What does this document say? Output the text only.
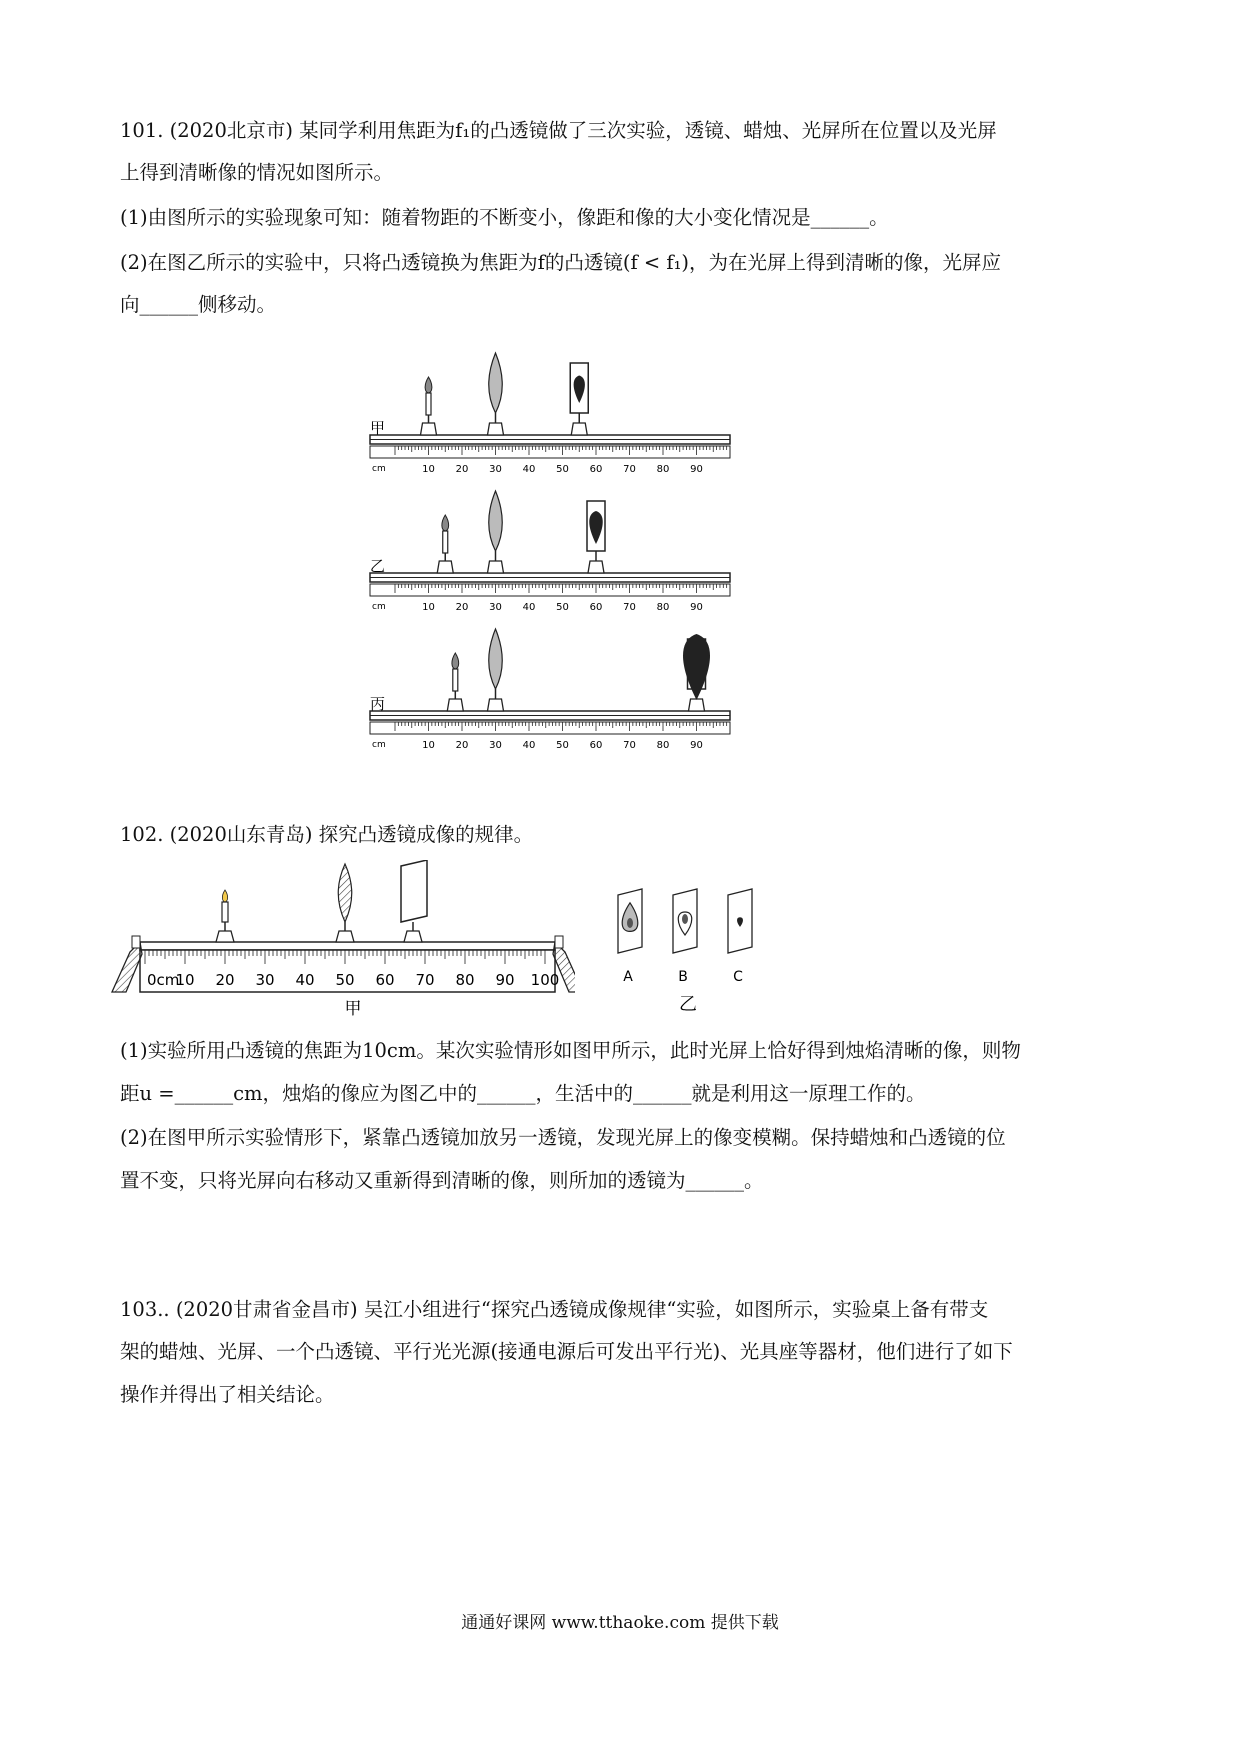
101. (2020北京市) 某同学利用焦距为f₁的凸透镜做了三次实验，透镜、蜡烛、光屏所在位置以及光屏

上得到清晰像的情况如图所示。

(1)由图所示的实验现象可知：随着物距的不断变小，像距和像的大小变化情况是______。

(2)在图乙所示的实验中，只将凸透镜换为焦距为f的凸透镜(f < f₁)，为在光屏上得到清晰的像，光屏应

向______侧移动。

cm	10 20 30 40 50 60 70 80 90
甲
cm	10 20 30 40 50 60 70 80 90
乙
cm	10 20 30 40 50 60 70 80 90
丙

102. (2020山东青岛) 探究凸透镜成像的规律。

0cm
10 20 30 40 50 60 70 80 90 100
甲
A	B	C
乙

(1)实验所用凸透镜的焦距为10cm。某次实验情形如图甲所示，此时光屏上恰好得到烛焰清晰的像，则物

距u =______cm，烛焰的像应为图乙中的______，生活中的______就是利用这一原理工作的。

(2)在图甲所示实验情形下，紧靠凸透镜加放另一透镜，发现光屏上的像变模糊。保持蜡烛和凸透镜的位

置不变，只将光屏向右移动又重新得到清晰的像，则所加的透镜为______。

103.. (2020甘肃省金昌市) 吴江小组进行“探究凸透镜成像规律“实验，如图所示，实验桌上备有带支

架的蜡烛、光屏、一个凸透镜、平行光光源(接通电源后可发出平行光)、光具座等器材，他们进行了如下

操作并得出了相关结论。

通通好课网 www.tthaoke.com 提供下载
